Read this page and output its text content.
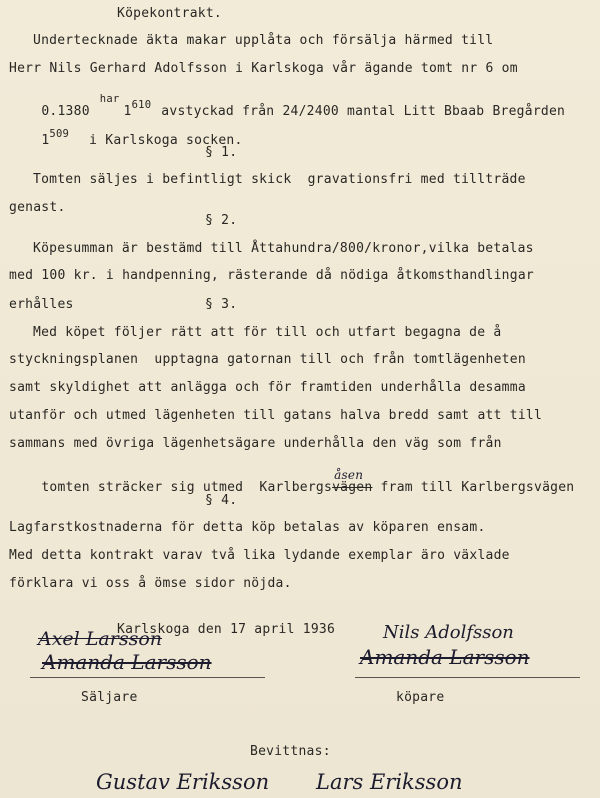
Köpekontrakt.
Undertecknade äkta makar upplåta och försälja härmed till
Herr Nils Gerhard Adolfsson i Karlskoga vår ägande tomt nr 6 om

$0.1380^{har}1^{610}$ avstyckad från 24/2400 mantal Litt Bbaab Bregården

$1^{509}$ i Karlskoga socken.

§ 1.
Tomten säljes i befintligt skick  gravationsfri med tillträde
genast.
§ 2.
Köpesumman är bestämd till Åttahundra/800/kronor,vilka betalas
med 100 kr. i handpenning, rästerande då nödiga åtkomsthandlingar
erhålles	§ 3.
Med köpet följer rätt att för till och utfart begagna de å
styckningsplanen  upptagna gatornan till och från tomtlägenheten
samt skyldighet att anlägga och för framtiden underhålla desamma
utanför och utmed lägenheten till gatans halva bredd samt att till
sammans med övriga lägenhetsägare underhålla den väg som från

tomten sträcker sig utmed  Karlbergs
åsen
vägen fram till Karlbergsvägen

§ 4.
Lagfarstkostnaderna för detta köp betalas av köparen ensam.
Med detta kontrakt varav två lika lydande exemplar äro växlade
förklara vi oss å ömse sidor nöjda.
Karlskoga den 17 april 1936
Axel Larsson
Amanda Larsson
Nils Adolfsson
Amanda Larsson
Säljare	köpare
Bevittnas:
Gustav Eriksson Lars Eriksson
